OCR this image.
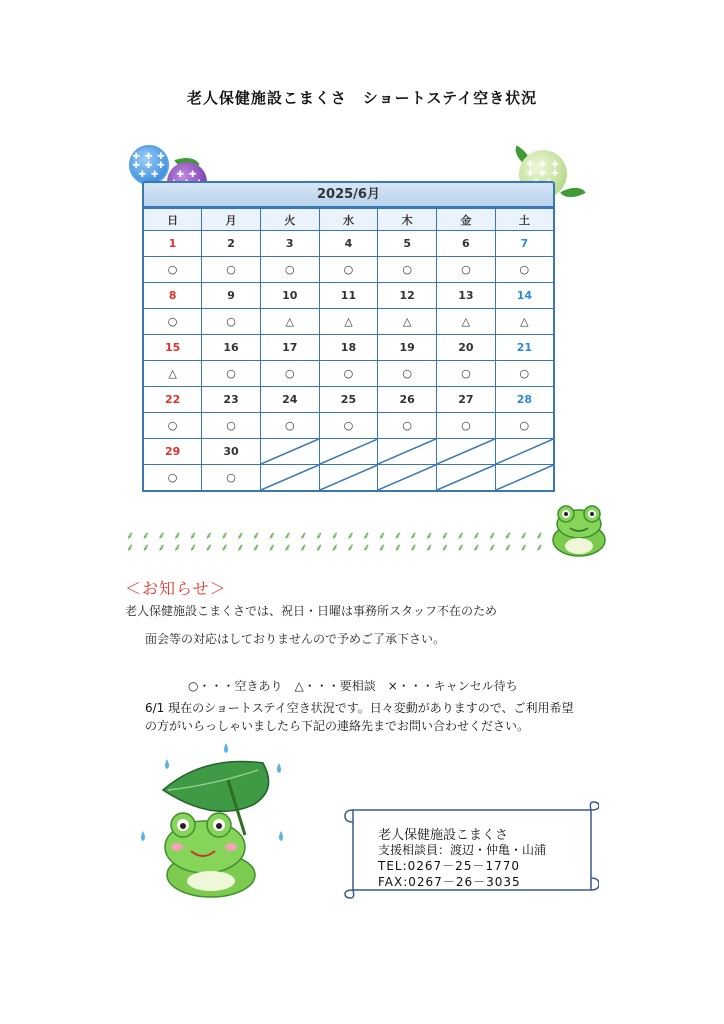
老人保健施設こまくさ　ショートステイ空き状況
✚ ✚ ✚
✚ ✚ ✚
✚ ✚	✚ ✚

✚ ✚ ✚
✚ ✚ ✚

2025/6月
日	月	火	水	木	金	土
1	2	3	4	5	6	7
○	○	○	○	○	○	○
8	9	10	11	12	13	14
○	○	△	△	△	△	△
15	16	17	18	19	20	21
△	○	○	○	○	○	○
22	23	24	25	26	27	28
○	○	○	○	○	○	○
29	30	

○	○	

⸙ ⸙ ⸙ ⸙ ⸙ ⸙ ⸙ ⸙ ⸙ ⸙ ⸙ ⸙ ⸙ ⸙ ⸙ ⸙ ⸙ ⸙ ⸙ ⸙ ⸙ ⸙ ⸙ ⸙ ⸙ ⸙ ⸙
⸙ ⸙ ⸙ ⸙ ⸙ ⸙ ⸙ ⸙ ⸙ ⸙ ⸙ ⸙ ⸙ ⸙ ⸙ ⸙ ⸙ ⸙ ⸙ ⸙ ⸙ ⸙ ⸙ ⸙ ⸙ ⸙ ⸙
＜お知らせ＞
老人保健施設こまくさでは、祝日・日曜は事務所スタッフ不在のため
面会等の対応はしておりませんので予めご了承下さい。
○・・・空きあり　△・・・要相談　×・・・キャンセル待ち
6/1 現在のショートステイ空き状況です。日々変動がありますので、ご利用希望
の方がいらっしゃいましたら下記の連絡先までお問い合わせください。
老人保健施設こまくさ
支援相談員：渡辺・仲亀・山浦
TEL:0267－25－1770
FAX:0267－26－3035
